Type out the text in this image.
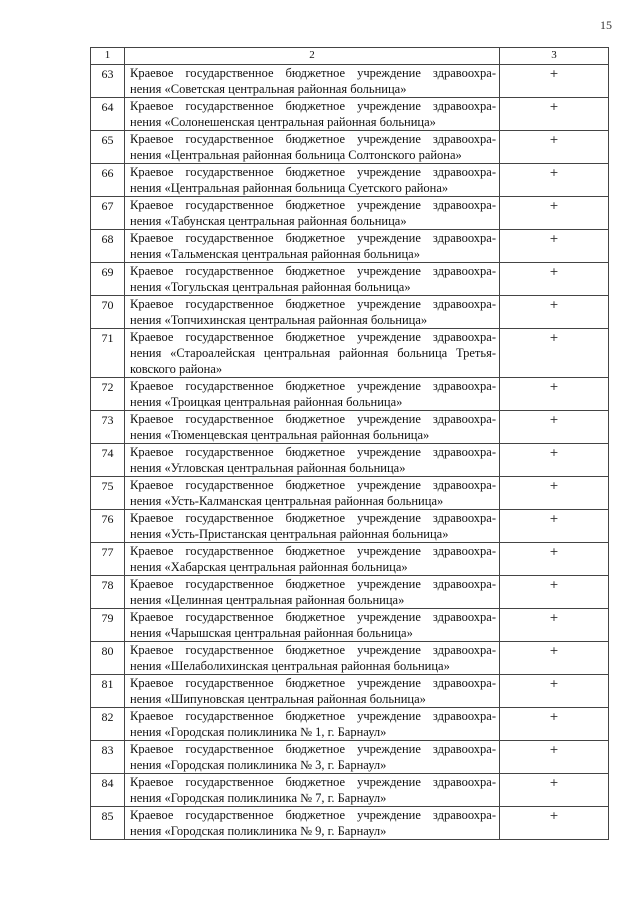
15
1	2	3
63	Краевое государственное бюджетное учреждение здравоохра-
нения «Советская центральная районная больница»	+
64	Краевое государственное бюджетное учреждение здравоохра-
нения «Солонешенская центральная районная больница»	+
65	Краевое государственное бюджетное учреждение здравоохра-
нения «Центральная районная больница Солтонского района»	+
66	Краевое государственное бюджетное учреждение здравоохра-
нения «Центральная районная больница Суетского района»	+
67	Краевое государственное бюджетное учреждение здравоохра-
нения «Табунская центральная районная больница»	+
68	Краевое государственное бюджетное учреждение здравоохра-
нения «Тальменская центральная районная больница»	+
69	Краевое государственное бюджетное учреждение здравоохра-
нения «Тогульская центральная районная больница»	+
70	Краевое государственное бюджетное учреждение здравоохра-
нения «Топчихинская центральная районная больница»	+
71	Краевое государственное бюджетное учреждение здравоохра-
нения «Староалейская центральная районная больница Третья-
ковского района»	+
72	Краевое государственное бюджетное учреждение здравоохра-
нения «Троицкая центральная районная больница»	+
73	Краевое государственное бюджетное учреждение здравоохра-
нения «Тюменцевская центральная районная больница»	+
74	Краевое государственное бюджетное учреждение здравоохра-
нения «Угловская центральная районная больница»	+
75	Краевое государственное бюджетное учреждение здравоохра-
нения «Усть-Калманская центральная районная больница»	+
76	Краевое государственное бюджетное учреждение здравоохра-
нения «Усть-Пристанская центральная районная больница»	+
77	Краевое государственное бюджетное учреждение здравоохра-
нения «Хабарская центральная районная больница»	+
78	Краевое государственное бюджетное учреждение здравоохра-
нения «Целинная центральная районная больница»	+
79	Краевое государственное бюджетное учреждение здравоохра-
нения «Чарышская центральная районная больница»	+
80	Краевое государственное бюджетное учреждение здравоохра-
нения «Шелаболихинская центральная районная больница»	+
81	Краевое государственное бюджетное учреждение здравоохра-
нения «Шипуновская центральная районная больница»	+
82	Краевое государственное бюджетное учреждение здравоохра-
нения «Городская поликлиника № 1, г. Барнаул»	+
83	Краевое государственное бюджетное учреждение здравоохра-
нения «Городская поликлиника № 3, г. Барнаул»	+
84	Краевое государственное бюджетное учреждение здравоохра-
нения «Городская поликлиника № 7, г. Барнаул»	+
85	Краевое государственное бюджетное учреждение здравоохра-
нения «Городская поликлиника № 9, г. Барнаул»	+
